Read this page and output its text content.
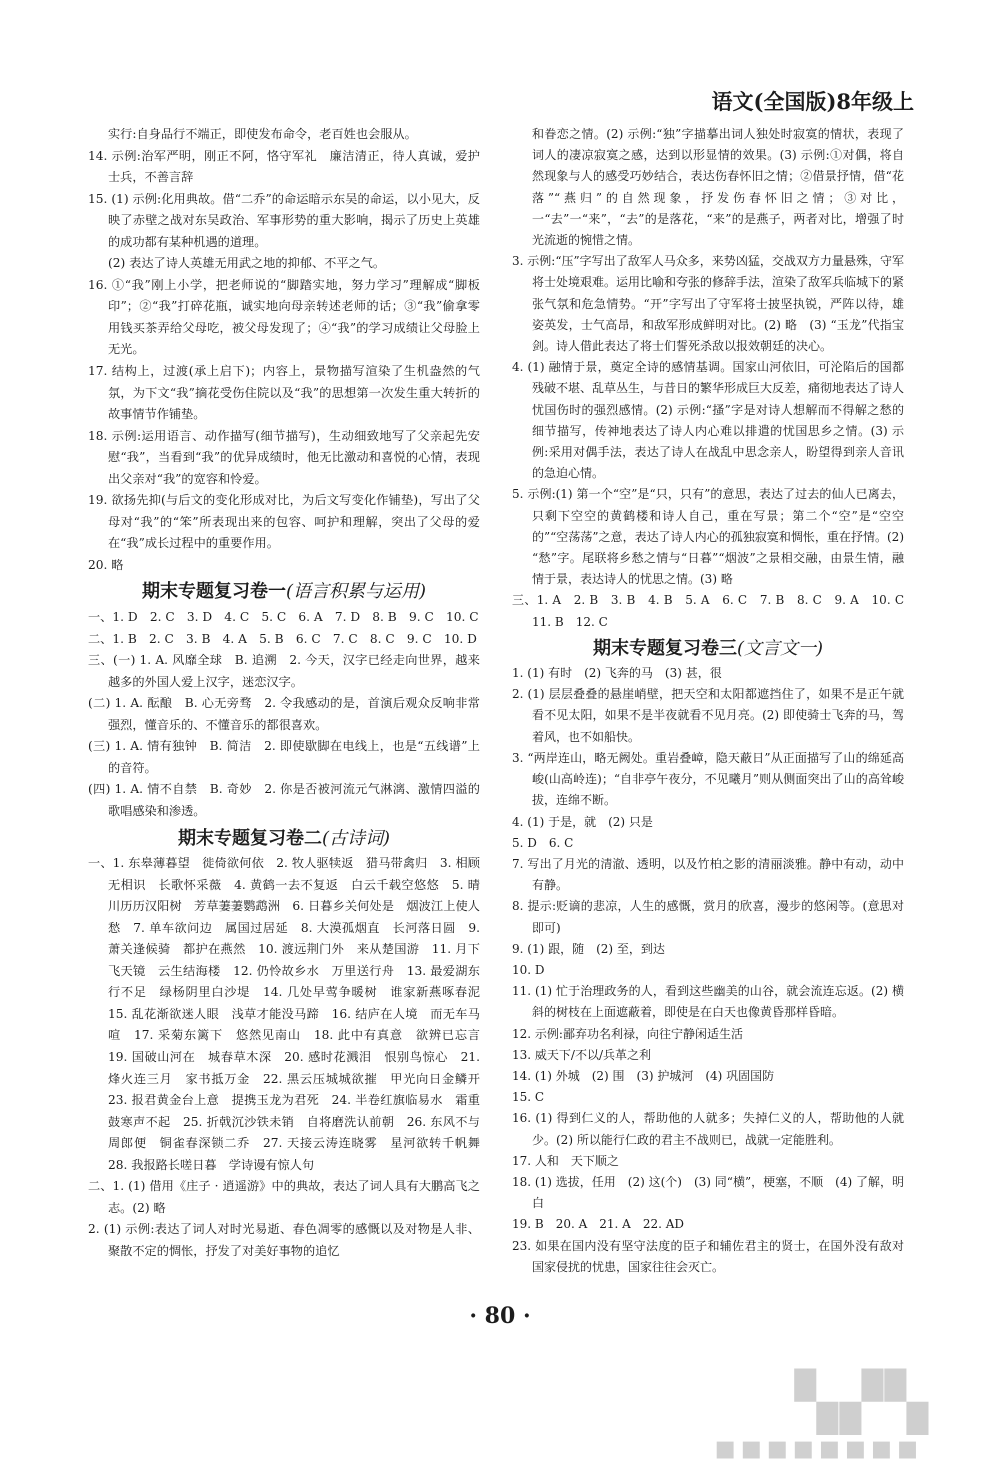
语文(全国版)8年级上
实行:自身品行不端正，即使发布命令，老百姓也会服从。
14. 示例:治军严明，刚正不阿，恪守军礼　廉洁清正，待人真诚，爱护士兵，不善言辞
15. (1) 示例:化用典故。借“二乔”的命运暗示东吴的命运，以小见大，反映了赤壁之战对东吴政治、军事形势的重大影响，揭示了历史上英雄的成功都有某种机遇的道理。
(2) 表达了诗人英雄无用武之地的抑郁、不平之气。
16. ①“我”刚上小学，把老师说的“脚踏实地，努力学习”理解成“脚板印”；②“我”打碎花瓶，诚实地向母亲转述老师的话；③“我”偷拿零用钱买茶弄给父母吃，被父母发现了；④“我”的学习成绩让父母脸上无光。
17. 结构上，过渡(承上启下)；内容上，景物描写渲染了生机盎然的气氛，为下文“我”摘花受伤住院以及“我”的思想第一次发生重大转折的故事情节作铺垫。
18. 示例:运用语言、动作描写(细节描写)，生动细致地写了父亲起先安慰“我”，当看到“我”的优异成绩时，他无比激动和喜悦的心情，表现出父亲对“我”的宽容和怜爱。
19. 欲扬先抑(与后文的变化形成对比，为后文写变化作铺垫)，写出了父母对“我”的“笨”所表现出来的包容、呵护和理解，突出了父母的爱在“我”成长过程中的重要作用。
20. 略
期末专题复习卷一(语言积累与运用)
一、1. D　2. C　3. D　4. C　5. C　6. A　7. D　8. B　9. C　10. C
二、1. B　2. C　3. B　4. A　5. B　6. C　7. C　8. C　9. C　10. D
三、(一) 1. A. 风靡全球　B. 追溯　2. 今天，汉字已经走向世界，越来越多的外国人爱上汉字，迷恋汉字。
(二) 1. A. 酝酿　B. 心无旁骛　2. 令我感动的是，首演后观众反响非常强烈，懂音乐的、不懂音乐的都很喜欢。
(三) 1. A. 情有独钟　B. 简洁　2. 即使歇脚在电线上，也是“五线谱”上的音符。
(四) 1. A. 情不自禁　B. 奇妙　2. 你是否被河流元气淋漓、激情四溢的歌唱感染和渗透。
期末专题复习卷二(古诗词)
一、1. 东皋薄暮望　徙倚欲何依　2. 牧人驱犊返　猎马带禽归　3. 相顾无相识　长歌怀采薇　4. 黄鹤一去不复返　白云千载空悠悠　5. 晴川历历汉阳树　芳草萋萋鹦鹉洲　6. 日暮乡关何处是　烟波江上使人愁　7. 单车欲问边　属国过居延　8. 大漠孤烟直　长河落日圆　9. 萧关逢候骑　都护在燕然　10. 渡远荆门外　来从楚国游　11. 月下飞天镜　云生结海楼　12. 仍怜故乡水　万里送行舟　13. 最爱湖东行不足　绿杨阴里白沙堤　14. 几处早莺争暖树　谁家新燕啄春泥　15. 乱花渐欲迷人眼　浅草才能没马蹄　16. 结庐在人境　而无车马喧　17. 采菊东篱下　悠然见南山　18. 此中有真意　欲辨已忘言　19. 国破山河在　城春草木深　20. 感时花溅泪　恨别鸟惊心　21. 烽火连三月　家书抵万金　22. 黑云压城城欲摧　甲光向日金鳞开　23. 报君黄金台上意　提携玉龙为君死　24. 半卷红旗临易水　霜重鼓寒声不起　25. 折戟沉沙铁未销　自将磨洗认前朝　26. 东风不与周郎便　铜雀春深锁二乔　27. 天接云涛连晓雾　星河欲转千帆舞　28. 我报路长嗟日暮　学诗谩有惊人句
二、1. (1) 借用《庄子 · 逍遥游》中的典故，表达了词人具有大鹏高飞之志。(2) 略
2. (1) 示例:表达了词人对时光易逝、春色凋零的感慨以及对物是人非、聚散不定的惆怅，抒发了对美好事物的追忆
和眷恋之情。(2) 示例:“独”字描摹出词人独处时寂寞的情状，表现了词人的凄凉寂寞之感，达到以形显情的效果。(3) 示例:①对偶，将自然现象与人的感受巧妙结合，表达伤春怀旧之情；②借景抒情，借“花落”“燕归”的自然现象，抒发伤春怀旧之情；③对比，一“去”一“来”，“去”的是落花，“来”的是燕子，两者对比，增强了时光流逝的惋惜之情。
3. 示例:“压”字写出了敌军人马众多，来势凶猛，交战双方力量悬殊，守军将士处境艰难。运用比喻和夸张的修辞手法，渲染了敌军兵临城下的紧张气氛和危急情势。“开”字写出了守军将士披坚执锐，严阵以待，雄姿英发，士气高昂，和敌军形成鲜明对比。(2) 略　(3) “玉龙”代指宝剑。诗人借此表达了将士们誓死杀敌以报效朝廷的决心。
4. (1) 融情于景，奠定全诗的感情基调。国家山河依旧，可沦陷后的国都残破不堪、乱草丛生，与昔日的繁华形成巨大反差，痛彻地表达了诗人忧国伤时的强烈感情。(2) 示例:“搔”字是对诗人想解而不得解之愁的细节描写，传神地表达了诗人内心难以排遣的忧国思乡之情。(3) 示例:采用对偶手法，表达了诗人在战乱中思念亲人，盼望得到亲人音讯的急迫心情。
5. 示例:(1) 第一个“空”是“只，只有”的意思，表达了过去的仙人已离去，只剩下空空的黄鹤楼和诗人自己，重在写景；第二个“空”是“空空的”“空荡荡”之意，表达了诗人内心的孤独寂寞和惆怅，重在抒情。(2) “愁”字。尾联将乡愁之情与“日暮”“烟波”之景相交融，由景生情，融情于景，表达诗人的忧思之情。(3) 略
三、1. A　2. B　3. B　4. B　5. A　6. C　7. B　8. C　9. A　10. C　11. B　12. C
期末专题复习卷三(文言文一)
1. (1) 有时　(2) 飞奔的马　(3) 甚，很
2. (1) 层层叠叠的悬崖峭壁，把天空和太阳都遮挡住了，如果不是正午就看不见太阳，如果不是半夜就看不见月亮。(2) 即使骑士飞奔的马，驾着风，也不如船快。
3. “两岸连山，略无阙处。重岩叠嶂，隐天蔽日”从正面描写了山的绵延高峻(山高岭连)；“自非亭午夜分，不见曦月”则从侧面突出了山的高耸峻拔，连绵不断。
4. (1) 于是，就　(2) 只是
5. D　6. C
7. 写出了月光的清澈、透明，以及竹柏之影的清丽淡雅。静中有动，动中有静。
8. 提示:贬谪的悲凉，人生的感慨，赏月的欣喜，漫步的悠闲等。(意思对即可)
9. (1) 跟，随　(2) 至，到达
10. D
11. (1) 忙于治理政务的人，看到这些幽美的山谷，就会流连忘返。(2) 横斜的树枝在上面遮蔽着，即使是在白天也像黄昏那样昏暗。
12. 示例:鄙弃功名利禄，向往宁静闲适生活
13. 威天下/不以/兵革之利
14. (1) 外城　(2) 围　(3) 护城河　(4) 巩固国防
15. C
16. (1) 得到仁义的人，帮助他的人就多；失掉仁义的人，帮助他的人就少。(2) 所以能行仁政的君主不战则已，战就一定能胜利。
17. 人和　天下顺之
18. (1) 选拔，任用　(2) 这(个)　(3) 同“横”，梗塞，不顺　(4) 了解，明白
19. B　20. A　21. A　22. AD
23. 如果在国内没有坚守法度的臣子和辅佐君主的贤士，在国外没有敌对国家侵扰的忧患，国家往往会灭亡。
· 80 ·
▚▞▚
▪▪▪▪▪▪▪▪
